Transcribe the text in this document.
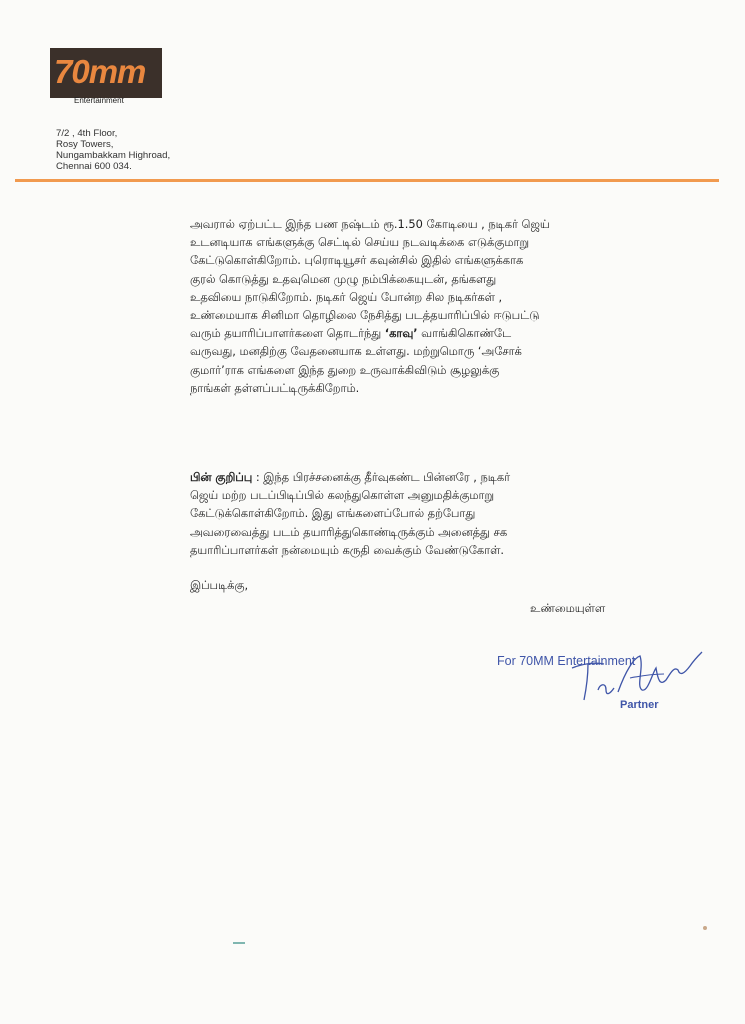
70mm
Entertainment
7/2 , 4th Floor,
Rosy Towers,
Nungambakkam Highroad,
Chennai 600 034.
அவரால் ஏற்பட்ட இந்த பண நஷ்டம் ரூ.1.50 கோடியை , நடிகர் ஜெய்
உடனடியாக எங்களுக்கு செட்டில் செய்ய நடவடிக்கை எடுக்குமாறு
கேட்டுகொள்கிறோம். புரொடியூசர் கவுன்சில் இதில் எங்களுக்காக
குரல் கொடுத்து உதவுமென முழு நம்பிக்கையுடன், தங்களது
உதவியை நாடுகிறோம். நடிகர் ஜெய் போன்ற சில நடிகர்கள் ,
உண்மையாக சினிமா தொழிலை நேசித்து படத்தயாரிப்பில் ஈடுபட்டு
வரும் தயாரிப்பாளர்களை தொடர்ந்து ‘காவு’ வாங்கிகொண்டே
வருவது, மனதிற்கு வேதனையாக உள்ளது. மற்றுமொரு ‘அசோக்
குமார்’ராக எங்களை இந்த துறை உருவாக்கிவிடும் சூழலுக்கு
நாங்கள் தள்ளப்பட்டிருக்கிறோம்.
பின் குறிப்பு : இந்த பிரச்சனைக்கு தீர்வுகண்ட பின்னரே , நடிகர்
ஜெய் மற்ற படப்பிடிப்பில் கலந்துகொள்ள அனுமதிக்குமாறு
கேட்டுக்கொள்கிறோம். இது எங்களைப்போல் தற்போது
அவரைவைத்து படம் தயாரித்துகொண்டிருக்கும் அனைத்து சக
தயாரிப்பாளர்கள் நன்மையும் கருதி வைக்கும் வேண்டுகோள்.
இப்படிக்கு,
உண்மையுள்ள
For 70MM Entertainment
Partner
